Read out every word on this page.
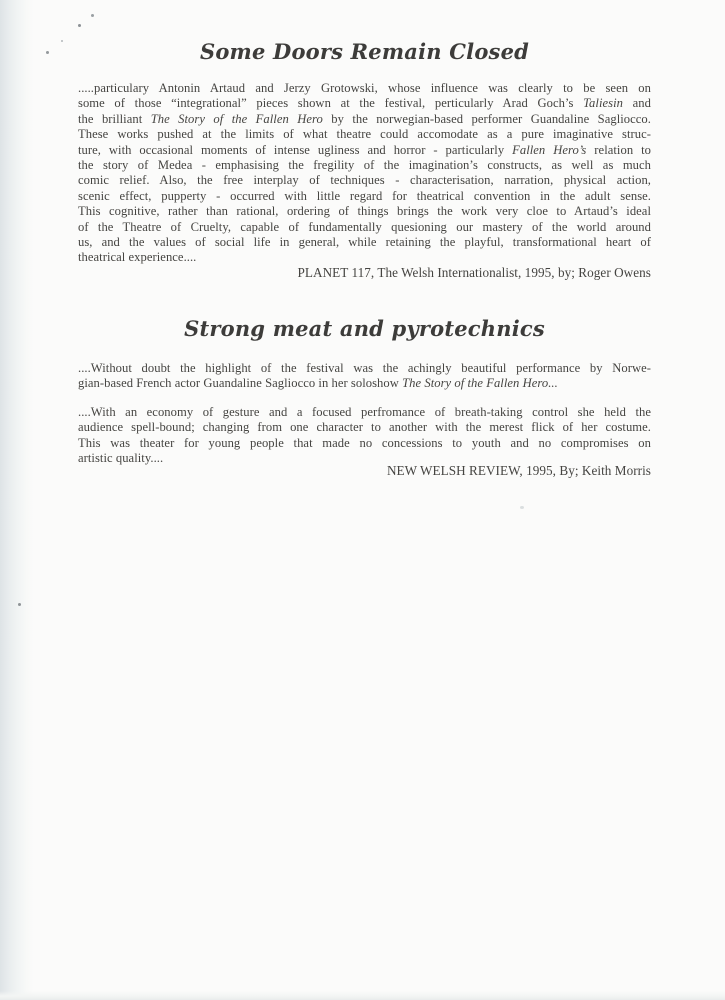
Some Doors Remain Closed
.....particulary Antonin Artaud and Jerzy Grotowski, whose influence was clearly to be seen on
some of those “integrational” pieces shown at the festival, perticularly Arad Goch’s Taliesin and
the brilliant The Story of the Fallen Hero by the norwegian-based performer Guandaline Sagliocco.
These works pushed at the limits of what theatre could accomodate as a pure imaginative struc-
ture, with occasional moments of intense ugliness and horror - particularly Fallen Hero’s relation to
the story of Medea - emphasising the fregility of the imagination’s constructs, as well as much
comic relief. Also, the free interplay of techniques - characterisation, narration, physical action,
scenic effect, pupperty - occurred with little regard for theatrical convention in the adult sense.
This cognitive, rather than rational, ordering of things brings the work very cloe to Artaud’s ideal
of the Theatre of Cruelty, capable of fundamentally quesioning our mastery of the world around
us, and the values of social life in general, while retaining the playful, transformational heart of
theatrical experience....
PLANET 117, The Welsh Internationalist, 1995, by; Roger Owens
Strong meat and pyrotechnics
....Without doubt the highlight of the festival was the achingly beautiful performance by Norwe-
gian-based French actor Guandaline Sagliocco in her soloshow The Story of the Fallen Hero...
....With an economy of gesture and a focused perfromance of breath-taking control she held the
audience spell-bound; changing from one character to another with the merest flick of her costume.
This was theater for young people that made no concessions to youth and no compromises on
artistic quality....
NEW WELSH REVIEW, 1995, By; Keith Morris
